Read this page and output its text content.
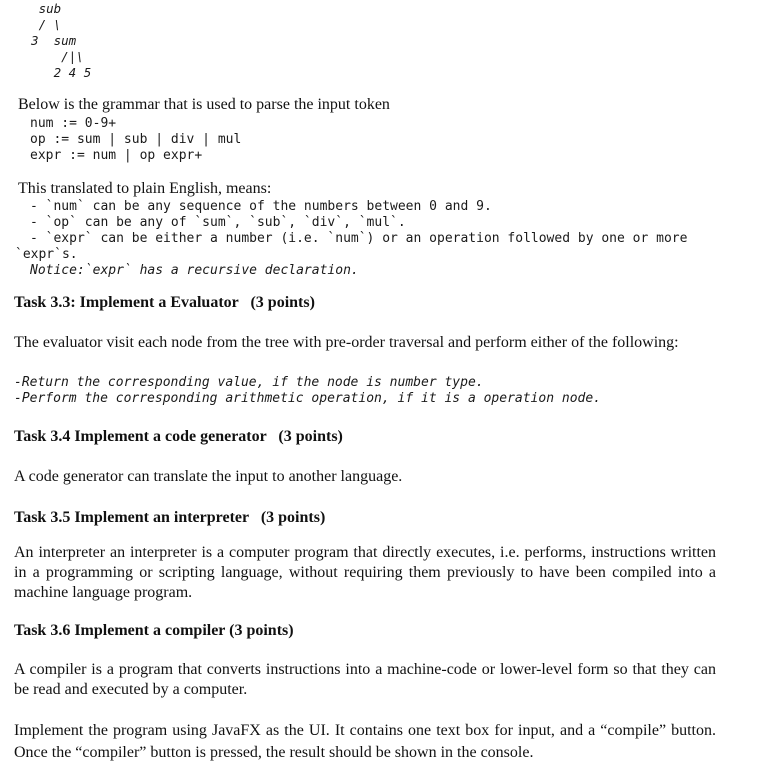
sub
/ \
3  sum
/|\
2 4 5
Below is the grammar that is used to parse the input token
num := 0-9+
op := sum | sub | div | mul
expr := num | op expr+
This translated to plain English, means:
- `num` can be any sequence of the numbers between 0 and 9.
- `op` can be any of `sum`, `sub`, `div`, `mul`.
- `expr` can be either a number (i.e. `num`) or an operation followed by one or more
`expr`s.
Notice:`expr` has a recursive declaration.
Task 3.3: Implement a Evaluator   (3 points)
The evaluator visit each node from the tree with pre-order traversal and perform either of the following:
-Return the corresponding value, if the node is number type.
-Perform the corresponding arithmetic operation, if it is a operation node.
Task 3.4 Implement a code generator   (3 points)
A code generator can translate the input to another language.
Task 3.5 Implement an interpreter   (3 points)
An interpreter an interpreter is a computer program that directly executes, i.e. performs, instructions written in a programming or scripting language, without requiring them previously to have been compiled into a machine language program.
Task 3.6 Implement a compiler (3 points)
A compiler is a program that converts instructions into a machine-code or lower-level form so that they can be read and executed by a computer.
Implement the program using JavaFX as the UI. It contains one text box for input, and a “compile” button. Once the “compiler” button is pressed, the result should be shown in the console.
